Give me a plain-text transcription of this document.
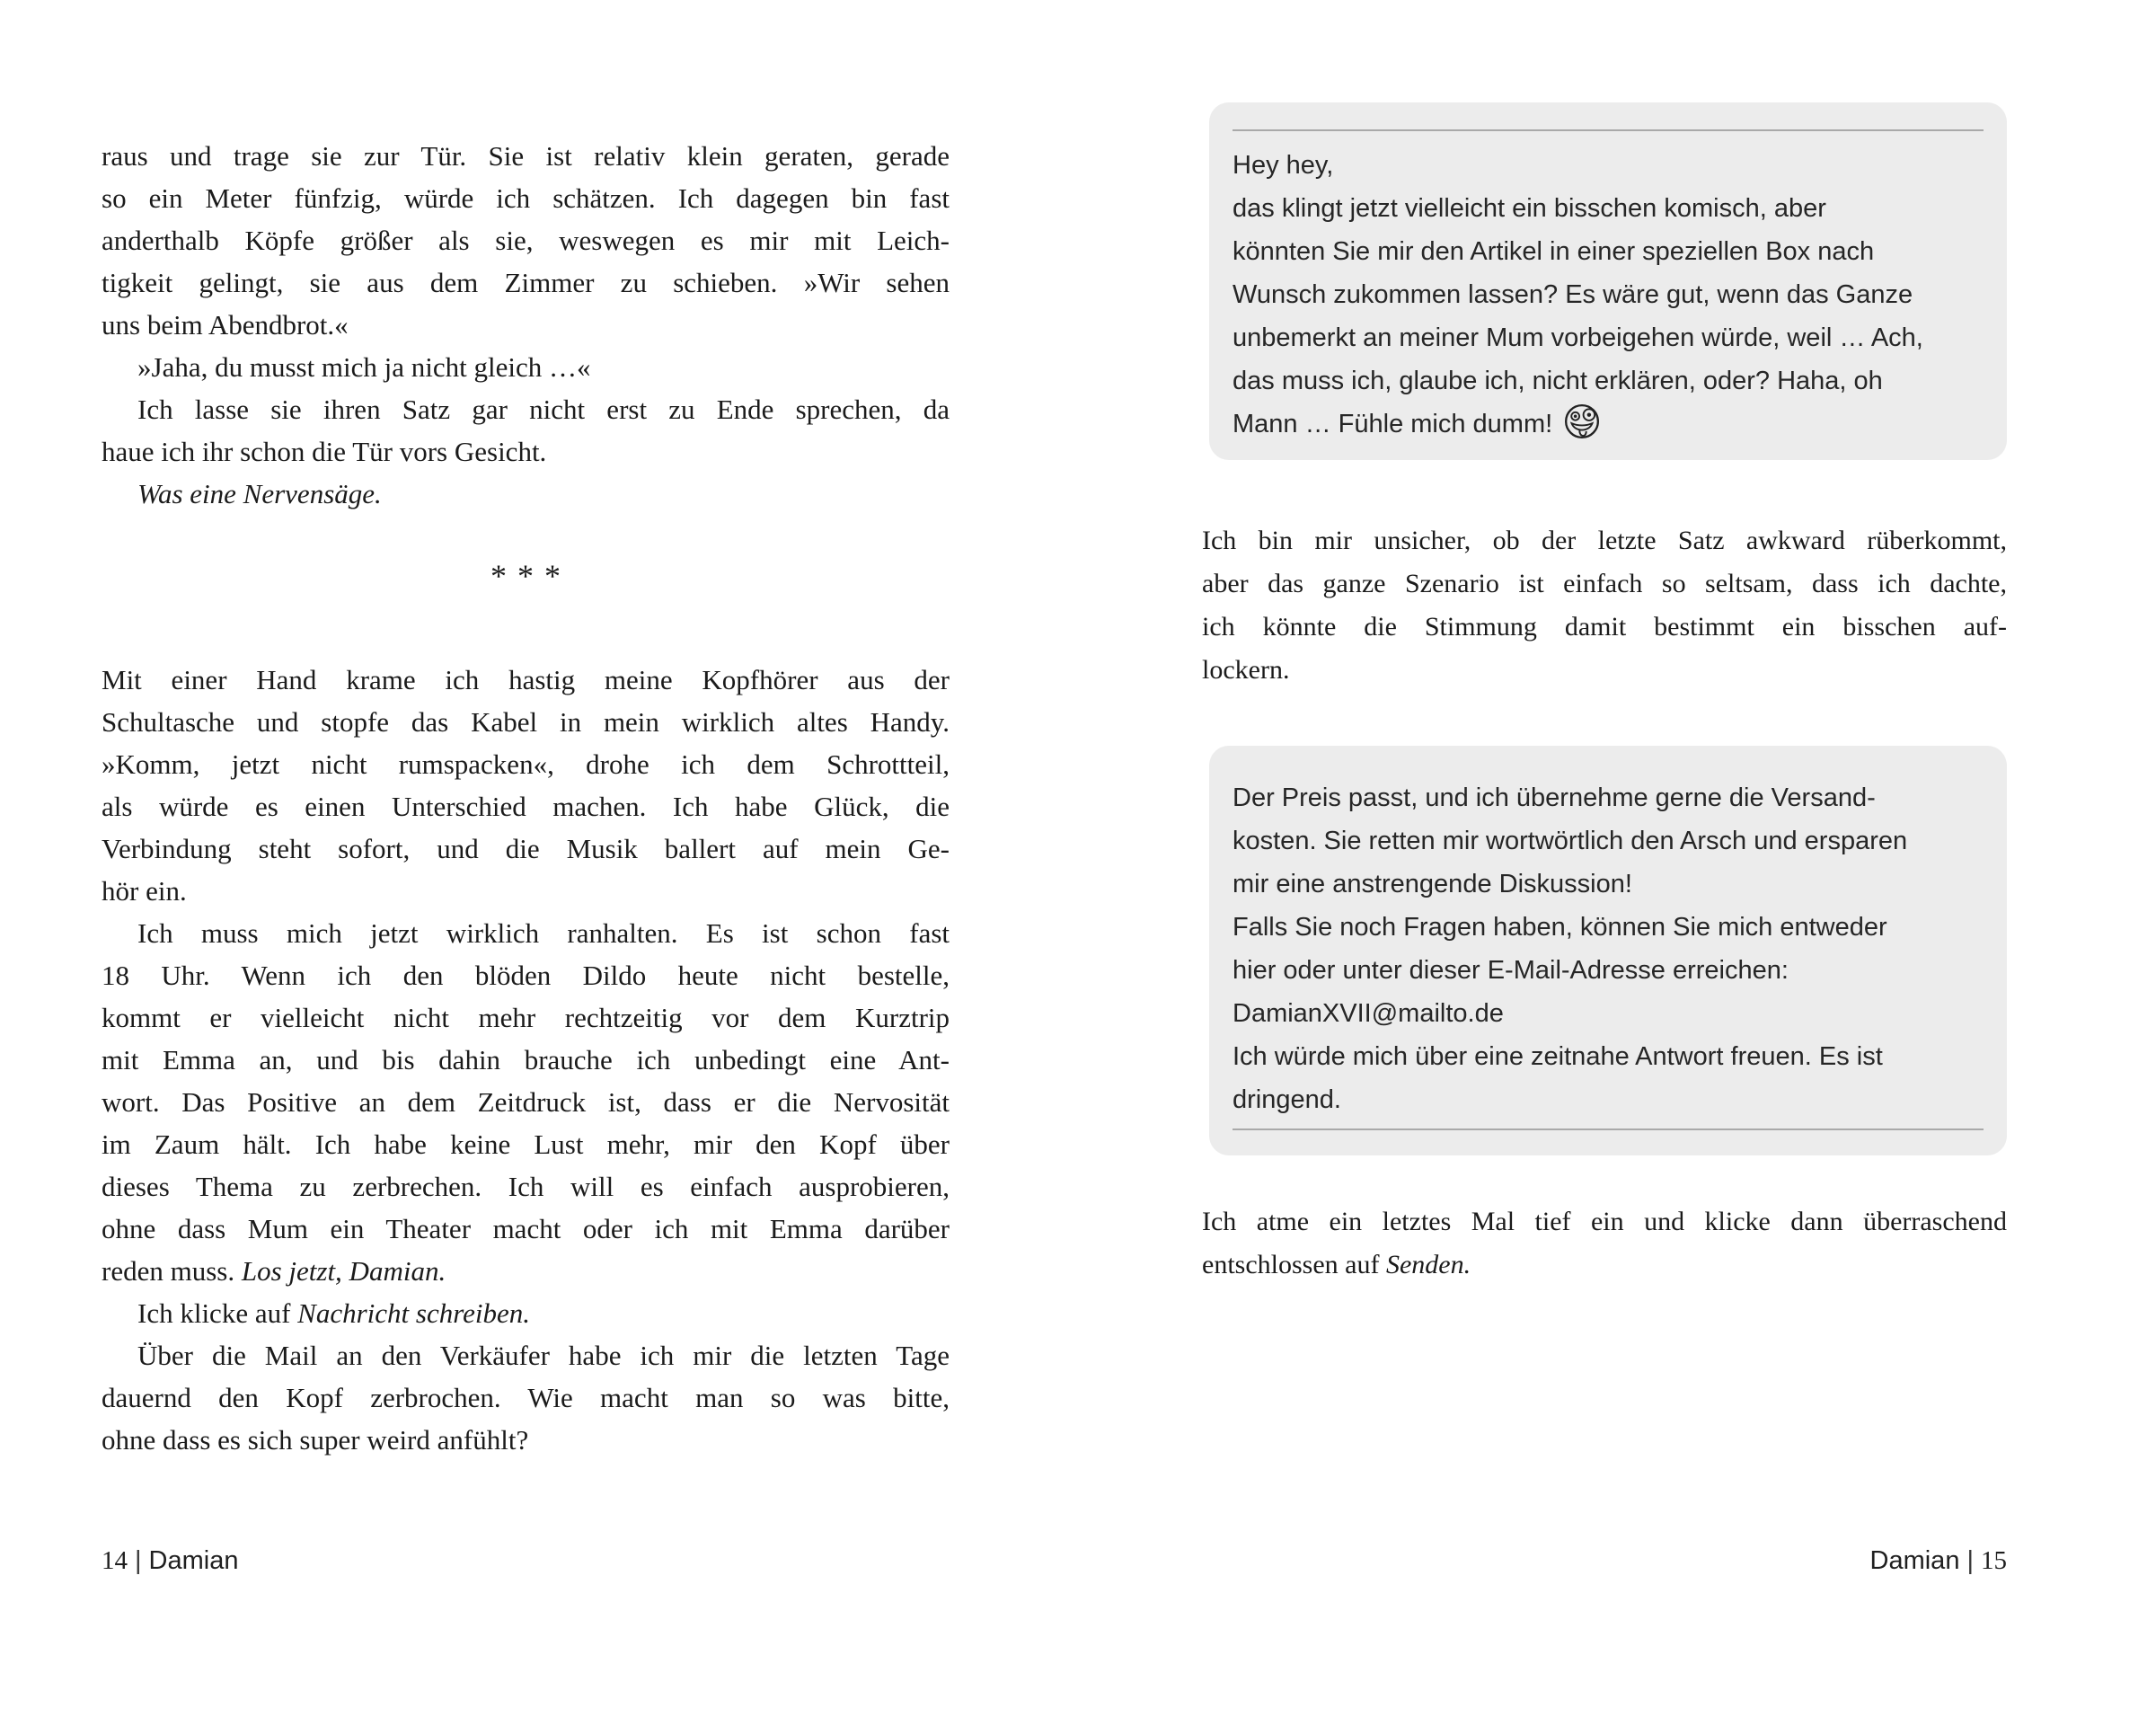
raus und trage sie zur Tür. Sie ist relativ klein geraten, gerade
so ein Meter fünfzig, würde ich schätzen. Ich dagegen bin fast
anderthalb Köpfe größer als sie, weswegen es mir mit Leich-
tigkeit gelingt, sie aus dem Zimmer zu schieben. »Wir sehen
uns beim Abendbrot.«
»Jaha, du musst mich ja nicht gleich …«
Ich lasse sie ihren Satz gar nicht erst zu Ende sprechen, da
haue ich ihr schon die Tür vors Gesicht.
Was eine Nervensäge.
***
Mit einer Hand krame ich hastig meine Kopfhörer aus der
Schultasche und stopfe das Kabel in mein wirklich altes Handy.
»Komm, jetzt nicht rumspacken«, drohe ich dem Schrottteil,
als würde es einen Unterschied machen. Ich habe Glück, die
Verbindung steht sofort, und die Musik ballert auf mein Ge-
hör ein.
Ich muss mich jetzt wirklich ranhalten. Es ist schon fast
18 Uhr. Wenn ich den blöden Dildo heute nicht bestelle,
kommt er vielleicht nicht mehr rechtzeitig vor dem Kurztrip
mit Emma an, und bis dahin brauche ich unbedingt eine Ant-
wort. Das Positive an dem Zeitdruck ist, dass er die Nervosität
im Zaum hält. Ich habe keine Lust mehr, mir den Kopf über
dieses Thema zu zerbrechen. Ich will es einfach ausprobieren,
ohne dass Mum ein Theater macht oder ich mit Emma darüber
reden muss. Los jetzt, Damian.
Ich klicke auf Nachricht schreiben.
Über die Mail an den Verkäufer habe ich mir die letzten Tage
dauernd den Kopf zerbrochen. Wie macht man so was bitte,
ohne dass es sich super weird anfühlt?
14 | Damian
Hey hey,
das klingt jetzt vielleicht ein bisschen komisch, aber
könnten Sie mir den Artikel in einer speziellen Box nach
Wunsch zukommen lassen? Es wäre gut, wenn das Ganze
unbemerkt an meiner Mum vorbeigehen würde, weil … Ach,
das muss ich, glaube ich, nicht erklären, oder? Haha, oh
Mann … Fühle mich dumm!
Ich bin mir unsicher, ob der letzte Satz awkward rüberkommt,
aber das ganze Szenario ist einfach so seltsam, dass ich dachte,
ich könnte die Stimmung damit bestimmt ein bisschen auf-
lockern.
Der Preis passt, und ich übernehme gerne die Versand-
kosten. Sie retten mir wortwörtlich den Arsch und ersparen
mir eine anstrengende Diskussion!
Falls Sie noch Fragen haben, können Sie mich entweder
hier oder unter dieser E-Mail-Adresse erreichen:
DamianXVII@mailto.de
Ich würde mich über eine zeitnahe Antwort freuen. Es ist
dringend.
Ich atme ein letztes Mal tief ein und klicke dann überraschend
entschlossen auf Senden.
Damian | 15
